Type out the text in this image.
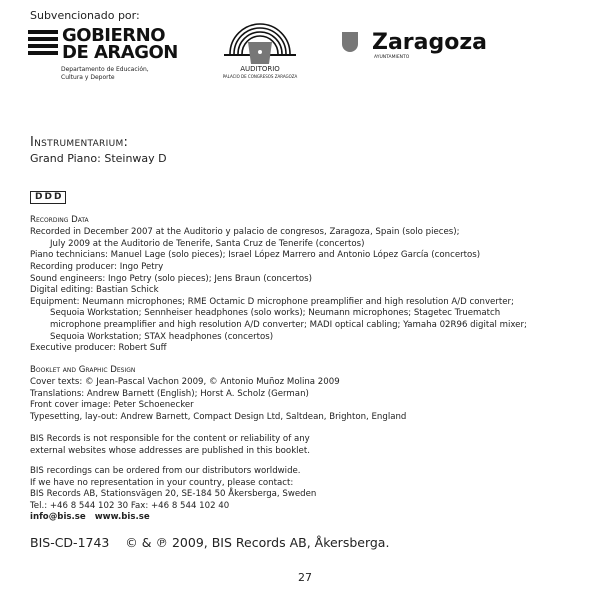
Subvencionado por:
GOBIERNO
DE ARAGON
Departamento de Educación,
Cultura y Deporte
AUDITORIO
PALACIO DE CONGRESOS ZARAGOZA
Zaragoza
AYUNTAMIENTO
Instrumentarium:
Grand Piano: Steinway D
DDD
Recording Data
Recorded in December 2007 at the Auditorio y palacio de congresos, Zaragoza, Spain (solo pieces);
July 2009 at the Auditorio de Tenerife, Santa Cruz de Tenerife (concertos)
Piano technicians: Manuel Lage (solo pieces); Israel López Marrero and Antonio López García (concertos)
Recording producer: Ingo Petry
Sound engineers: Ingo Petry (solo pieces); Jens Braun (concertos)
Digital editing: Bastian Schick
Equipment: Neumann microphones; RME Octamic D microphone preamplifier and high resolution A/D converter;
Sequoia Workstation; Sennheiser headphones (solo works); Neumann microphones; Stagetec Truematch
microphone preamplifier and high resolution A/D converter; MADI optical cabling; Yamaha 02R96 digital mixer;
Sequoia Workstation; STAX headphones (concertos)
Executive producer: Robert Suff
Booklet and Graphic Design
Cover texts: © Jean-Pascal Vachon 2009, © Antonio Muñoz Molina 2009
Translations: Andrew Barnett (English); Horst A. Scholz (German)
Front cover image: Peter Schoenecker
Typesetting, lay-out: Andrew Barnett, Compact Design Ltd, Saltdean, Brighton, England
BIS Records is not responsible for the content or reliability of any
external websites whose addresses are published in this booklet.
BIS recordings can be ordered from our distributors worldwide.
If we have no representation in your country, please contact:
BIS Records AB, Stationsvägen 20, SE-184 50 Åkersberga, Sweden
Tel.: +46 8 544 102 30 Fax: +46 8 544 102 40
info@bis.se www.bis.se
BIS-CD-1743 © & ℗ 2009, BIS Records AB, Åkersberga.
27
